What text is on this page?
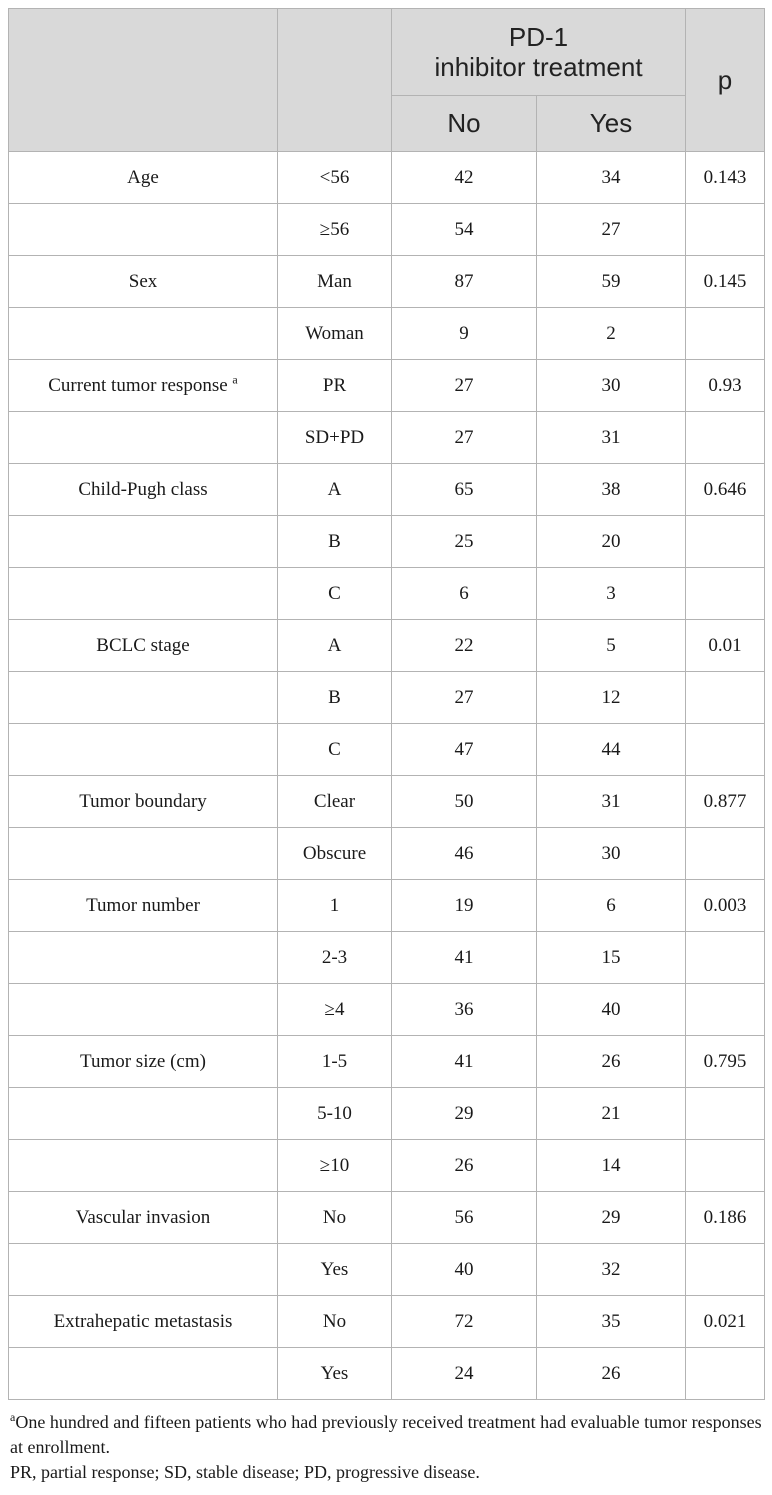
		PD-1
inhibitor treatment		p
		No	Yes	
Age	<56	42	34	0.143
	≥56	54	27	
Sex	Man	87	59	0.145
	Woman	9	2	
Current tumor response $^a$	PR	27	30	0.93
	SD+PD	27	31	
Child-Pugh class	A	65	38	0.646
	B	25	20	
	C	6	3	
BCLC stage	A	22	5	0.01
	B	27	12	
	C	47	44	
Tumor boundary	Clear	50	31	0.877
	Obscure	46	30	
Tumor number	1	19	6	0.003
	2-3	41	15	
	≥4	36	40	
Tumor size (cm)	1-5	41	26	0.795
	5-10	29	21	
	≥10	26	14	
Vascular invasion	No	56	29	0.186
	Yes	40	32	
Extrahepatic metastasis	No	72	35	0.021
	Yes	24	26	

$^a$One hundred and fifteen patients who had previously received treatment had evaluable tumor responses at enrollment.

PR, partial response; SD, stable disease; PD, progressive disease.
